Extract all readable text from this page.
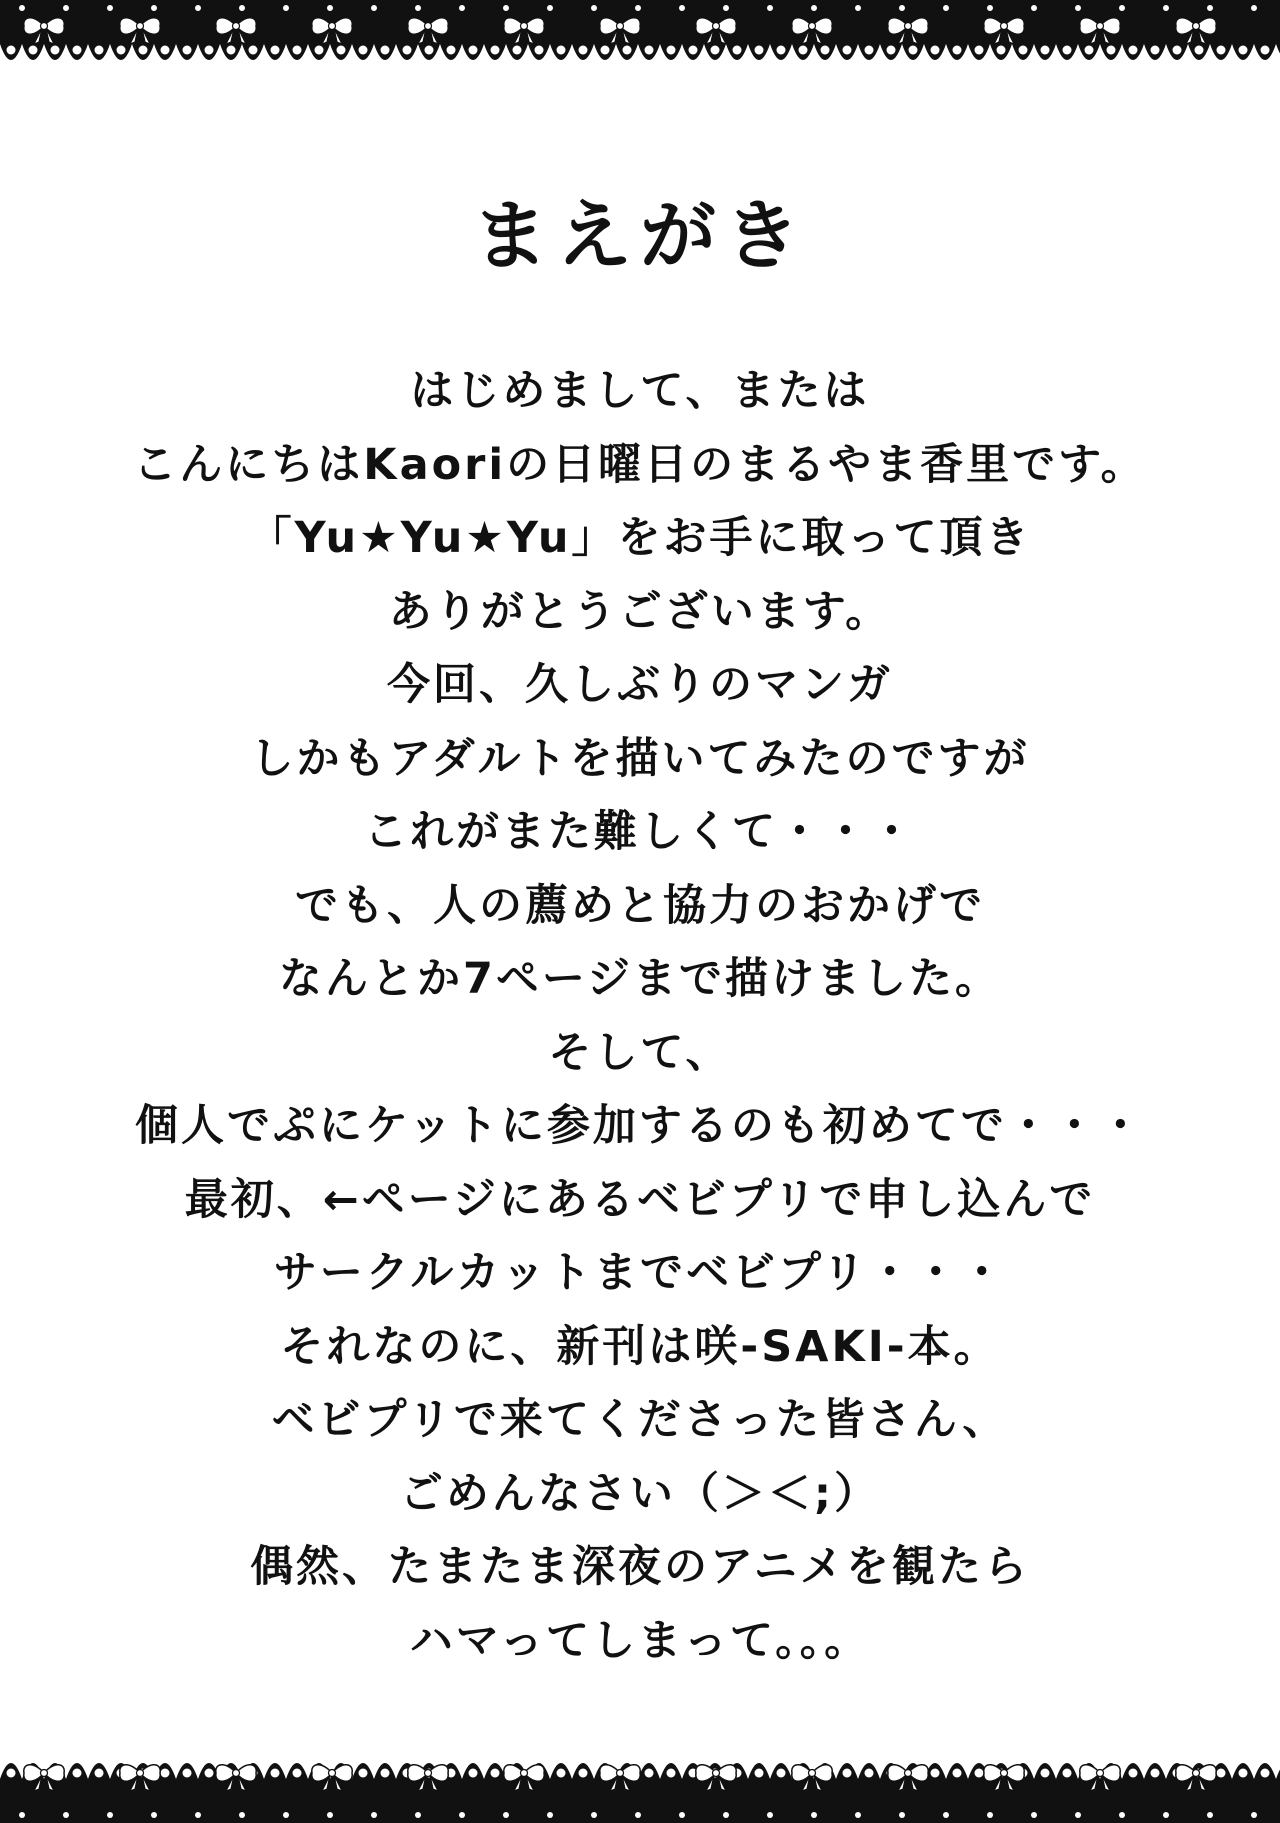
まえがき
はじめまして、または
こんにちはKaoriの日曜日のまるやま香里です。
「Yu★Yu★Yu」をお手に取って頂き
ありがとうございます。
今回、久しぶりのマンガ
しかもアダルトを描いてみたのですが
これがまた難しくて・・・
でも、人の薦めと協力のおかげで
なんとか7ページまで描けました。
そして、
個人でぷにケットに参加するのも初めてで・・・
最初、←ページにあるベビプリで申し込んで
サークルカットまでベビプリ・・・
それなのに、新刊は咲-SAKI-本。
ベビプリで来てくださった皆さん、
ごめんなさい（＞＜;）
偶然、たまたま深夜のアニメを観たら
ハマってしまって。。。
4
